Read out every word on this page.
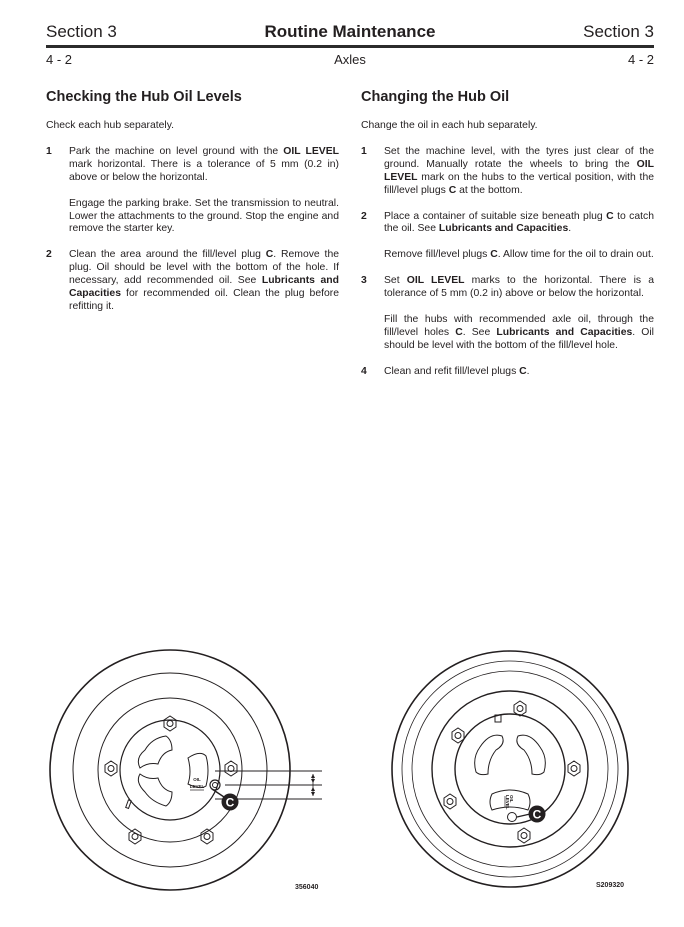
Section 3	Routine Maintenance	Section 3
4 - 2	Axles	4 - 2
Checking the Hub Oil Levels

Check each hub separately.

1 Park the machine on level ground with the OIL LEVEL mark horizontal. There is a tolerance of 5 mm (0.2 in) above or below the horizontal.

Engage the parking brake. Set the transmission to neutral. Lower the attachments to the ground. Stop the engine and remove the starter key.

2 Clean the area around the fill/level plug C. Remove the plug. Oil should be level with the bottom of the hole. If necessary, add recommended oil. See Lubricants and Capacities for recommended oil. Clean the plug before refitting it.

Changing the Hub Oil

Change the oil in each hub separately.

1 Set the machine level, with the tyres just clear of the ground. Manually rotate the wheels to bring the OIL LEVEL mark on the hubs to the vertical position, with the fill/level plugs C at the bottom.

2 Place a container of suitable size beneath plug C to catch the oil. See Lubricants and Capacities.

Remove fill/level plugs C. Allow time for the oil to drain out.

3 Set OIL LEVEL marks to the horizontal. There is a tolerance of 5 mm (0.2 in) above or below the horizontal.

Fill the hubs with recommended axle oil, through the fill/level holes C. See Lubricants and Capacities. Oil should be level with the bottom of the fill/level hole.

4 Clean and refit fill/level plugs C.

OIL
LEVEL
C
356040
OIL
LEVEL
C
S209320
